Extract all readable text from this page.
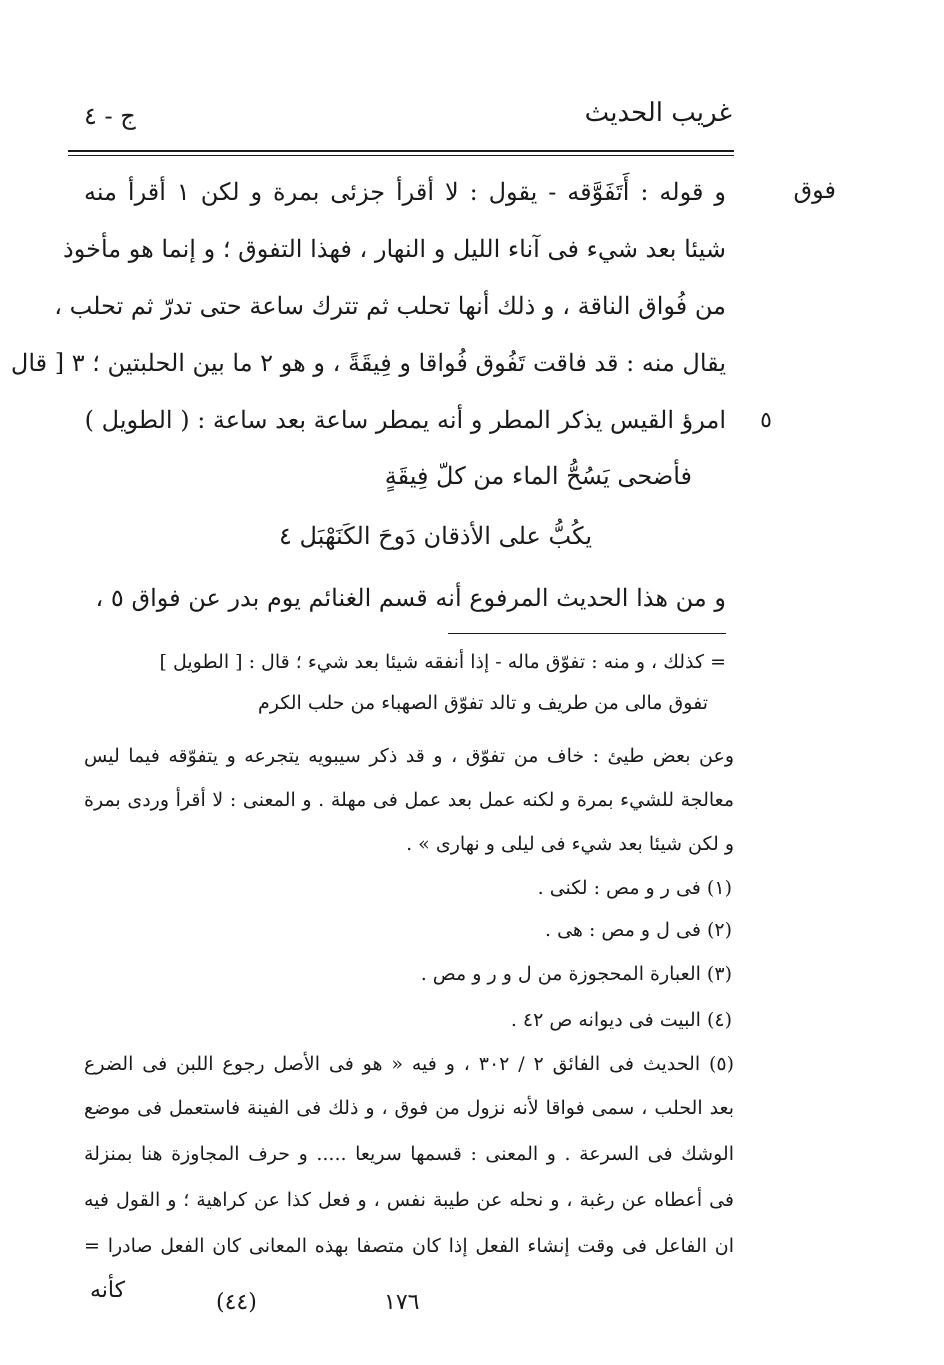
غريب الحديث
ج - ٤
فوق
٥
و قوله : أَتَفَوَّقه - يقول : لا أقرأ جزئى بمرة و لكن ١ أقرأ منه
شيئا بعد شيء فى آناء الليل و النهار ، فهذا التفوق ؛ و إنما هو مأخوذ
من فُواق الناقة ، و ذلك أنها تحلب ثم تترك ساعة حتى تدرّ ثم تحلب ،
يقال منه : قد فاقت تَفُوق فُواقا و فِيقَةً ، و هو ٢ ما بين الحلبتين ؛ ٣ [ قال
امرؤ القيس يذكر المطر و أنه يمطر ساعة بعد ساعة : ( الطويل )
فأضحى يَسُحُّ الماء من كلّ فِيقَةٍ
يكُبُّ على الأذقان دَوحَ الكَنَهْبَل ٤
و من هذا الحديث المرفوع أنه قسم الغنائم يوم بدر عن فواق ٥ ،
= كذلك ، و منه : تفوّق ماله - إذا أنفقه شيئا بعد شيء ؛ قال : [ الطويل ]
تفوق مالى من طريف و تالد تفوّق الصهباء من حلب الكرم
وعن بعض طيئ : خاف من تفوّق ، و قد ذكر سيبويه يتجرعه و يتفوّقه فيما ليس
معالجة للشيء بمرة و لكنه عمل بعد عمل فى مهلة . و المعنى : لا أقرأ وردى بمرة
و لكن شيئا بعد شيء فى ليلى و نهارى » .
(١) فى ر و مص : لكنى .
(٢) فى ل و مص : هى .
(٣) العبارة المحجوزة من ل و ر و مص .
(٤) البيت فى ديوانه ص ٤٢ .
(٥) الحديث فى الفائق ٢ / ٣٠٢ ، و فيه « هو فى الأصل رجوع اللبن فى الضرع
بعد الحلب ، سمى فواقا لأنه نزول من فوق ، و ذلك فى الفينة فاستعمل فى موضع
الوشك فى السرعة . و المعنى : قسمها سريعا ..... و حرف المجاوزة هنا بمنزلة
فى أعطاه عن رغبة ، و نحله عن طيبة نفس ، و فعل كذا عن كراهية ؛ و القول فيه
ان الفاعل فى وقت إنشاء الفعل إذا كان متصفا بهذه المعانى كان الفعل صادرا =
١٧٦
(٤٤)
كأنه
